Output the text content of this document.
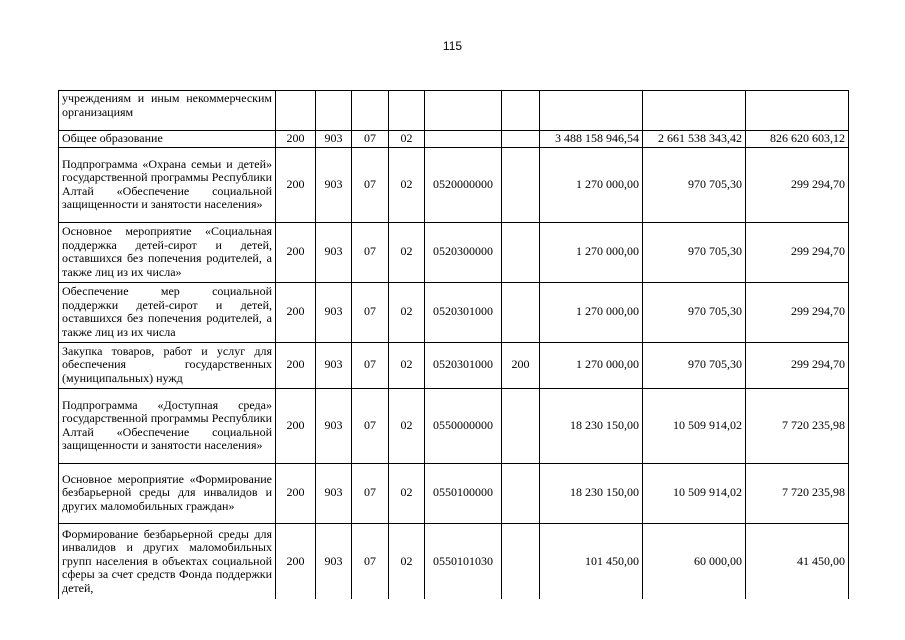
115
учреждениям и иным некоммерческим организациям									
Общее образование	200	903	07	02			3 488 158 946,54	2 661 538 343,42	826 620 603,12
Подпрограмма «Охрана семьи и детей» государственной программы Республики Алтай «Обеспечение социальной защищенности и занятости населения»	200	903	07	02	0520000000		1 270 000,00	970 705,30	299 294,70
Основное мероприятие «Социальная поддержка детей-сирот и детей, оставшихся без попечения родителей, а также лиц из их числа»	200	903	07	02	0520300000		1 270 000,00	970 705,30	299 294,70
Обеспечение мер социальной поддержки детей-сирот и детей, оставшихся без попечения родителей, а также лиц из их числа	200	903	07	02	0520301000		1 270 000,00	970 705,30	299 294,70
Закупка товаров, работ и услуг для обеспечения государственных (муниципальных) нужд	200	903	07	02	0520301000	200	1 270 000,00	970 705,30	299 294,70
Подпрограмма «Доступная среда» государственной программы Республики Алтай «Обеспечение социальной защищенности и занятости населения»	200	903	07	02	0550000000		18 230 150,00	10 509 914,02	7 720 235,98
Основное мероприятие «Формирование безбарьерной среды для инвалидов и других маломобильных граждан»	200	903	07	02	0550100000		18 230 150,00	10 509 914,02	7 720 235,98
Формирование безбарьерной среды для инвалидов и других маломобильных групп населения в объектах социальной сферы за счет средств Фонда поддержки детей,	200	903	07	02	0550101030		101 450,00	60 000,00	41 450,00
